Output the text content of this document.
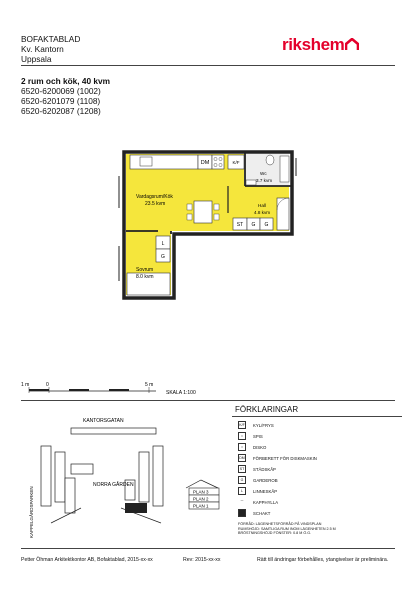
BOFAKTABLAD
Kv. Kantorn
Uppsala
rikshem
2 rum och kök, 40 kvm
6520-6200069 (1002)
6520-6201079 (1108)
6520-6202087 (1208)
DM	K/F
ST G G
L
G
Vardagsrum/Kök
23.5 kvm	Hall
4.8 kvm
Wc
3.7 kvm
Sovrum
8.0 kvm
1 m	0	5 m
SKALA 1:100
KANTORSGATAN
NORRA GÅRDEN
KAPPELGÅRDSPARKEN	PLAN 3
PLAN 2
PLAN 1
FÖRKLARINGAR
K/F KYL/FRYS
∷	SPIS
○	DISKO
DM FÖRBERETT FÖR DISKMASKIN
ST	STÄDSKÅP
G	GARDEROB
L	LINNESKÅP
⌒	KAPPHYLLA
SCHAKT
FÖRRÅD: LÄGENHETSFÖRRÅD PÅ VINDSPLAN
RUMSHÖJD: SAMTLIGA RUM INOM LÄGENHETEN 2.5 M
BRÖSTNINGSHÖJD FÖNSTER: 0.8 M Ö.G.
Petter Öhman Arkitektkontor AB, Bofaktablad, 2015-xx-xx	Rev: 2015-xx-xx	Rätt till ändringar förbehålles, ytangivelser är preliminära.
